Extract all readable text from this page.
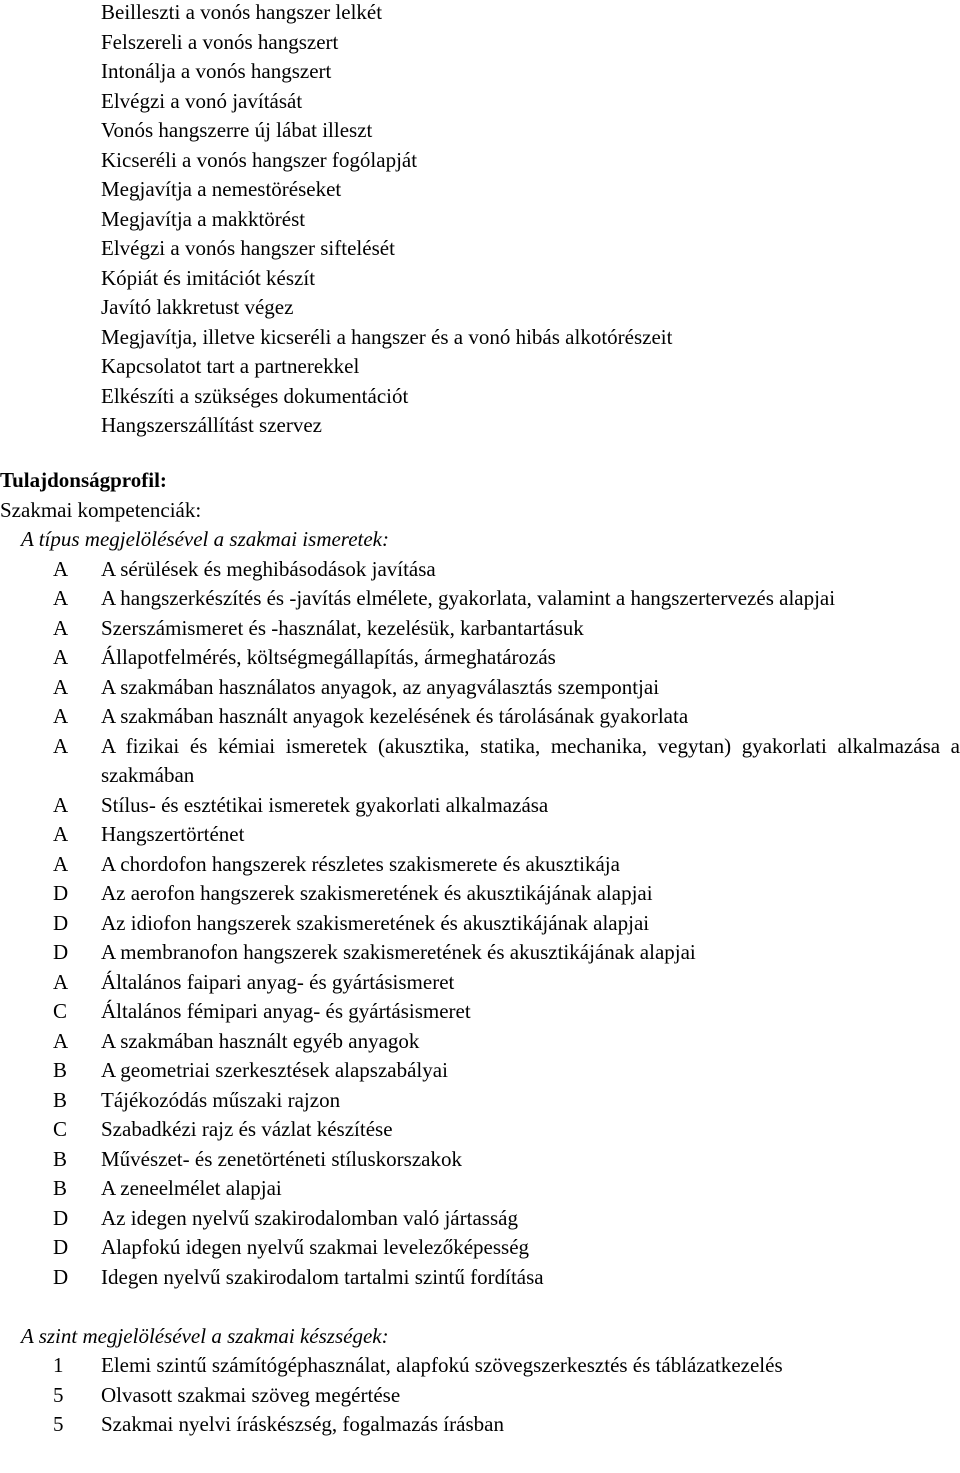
Beilleszti a vonós hangszer lelkét
Felszereli a vonós hangszert
Intonálja a vonós hangszert
Elvégzi a vonó javítását
Vonós hangszerre új lábat illeszt
Kicseréli a vonós hangszer fogólapját
Megjavítja a nemestöréseket
Megjavítja a makktörést
Elvégzi a vonós hangszer siftelését
Kópiát és imitációt készít
Javító lakkretust végez
Megjavítja, illetve kicseréli a hangszer és a vonó hibás alkotórészeit
Kapcsolatot tart a partnerekkel
Elkészíti a szükséges dokumentációt
Hangszerszállítást szervez

Tulajdonságprofil:

Szakmai kompetenciák:

A típus megjelölésével a szakmai ismeretek:

A	A sérülések és meghibásodások javítása
A	A hangszerkészítés és -javítás elmélete, gyakorlata, valamint a hangszertervezés alapjai
A	Szerszámismeret és -használat, kezelésük, karbantartásuk
A	Állapotfelmérés, költségmegállapítás, ármeghatározás
A	A szakmában használatos anyagok, az anyagválasztás szempontjai
A	A szakmában használt anyagok kezelésének és tárolásának gyakorlata
A	A fizikai és kémiai ismeretek (akusztika, statika, mechanika, vegytan) gyakorlati alkalmazása a szakmában
A	Stílus- és esztétikai ismeretek gyakorlati alkalmazása
A	Hangszertörténet
A	A chordofon hangszerek részletes szakismerete és akusztikája
D	Az aerofon hangszerek szakismeretének és akusztikájának alapjai
D	Az idiofon hangszerek szakismeretének és akusztikájának alapjai
D	A membranofon hangszerek szakismeretének és akusztikájának alapjai
A	Általános faipari anyag- és gyártásismeret
C	Általános fémipari anyag- és gyártásismeret
A	A szakmában használt egyéb anyagok
B	A geometriai szerkesztések alapszabályai
B	Tájékozódás műszaki rajzon
C	Szabadkézi rajz és vázlat készítése
B	Művészet- és zenetörténeti stíluskorszakok
B	A zeneelmélet alapjai
D	Az idegen nyelvű szakirodalomban való jártasság
D	Alapfokú idegen nyelvű szakmai levelezőképesség
D	Idegen nyelvű szakirodalom tartalmi szintű fordítása

A szint megjelölésével a szakmai készségek:

1	Elemi szintű számítógéphasználat, alapfokú szövegszerkesztés és táblázatkezelés
5	Olvasott szakmai szöveg megértése
5	Szakmai nyelvi íráskészség, fogalmazás írásban
